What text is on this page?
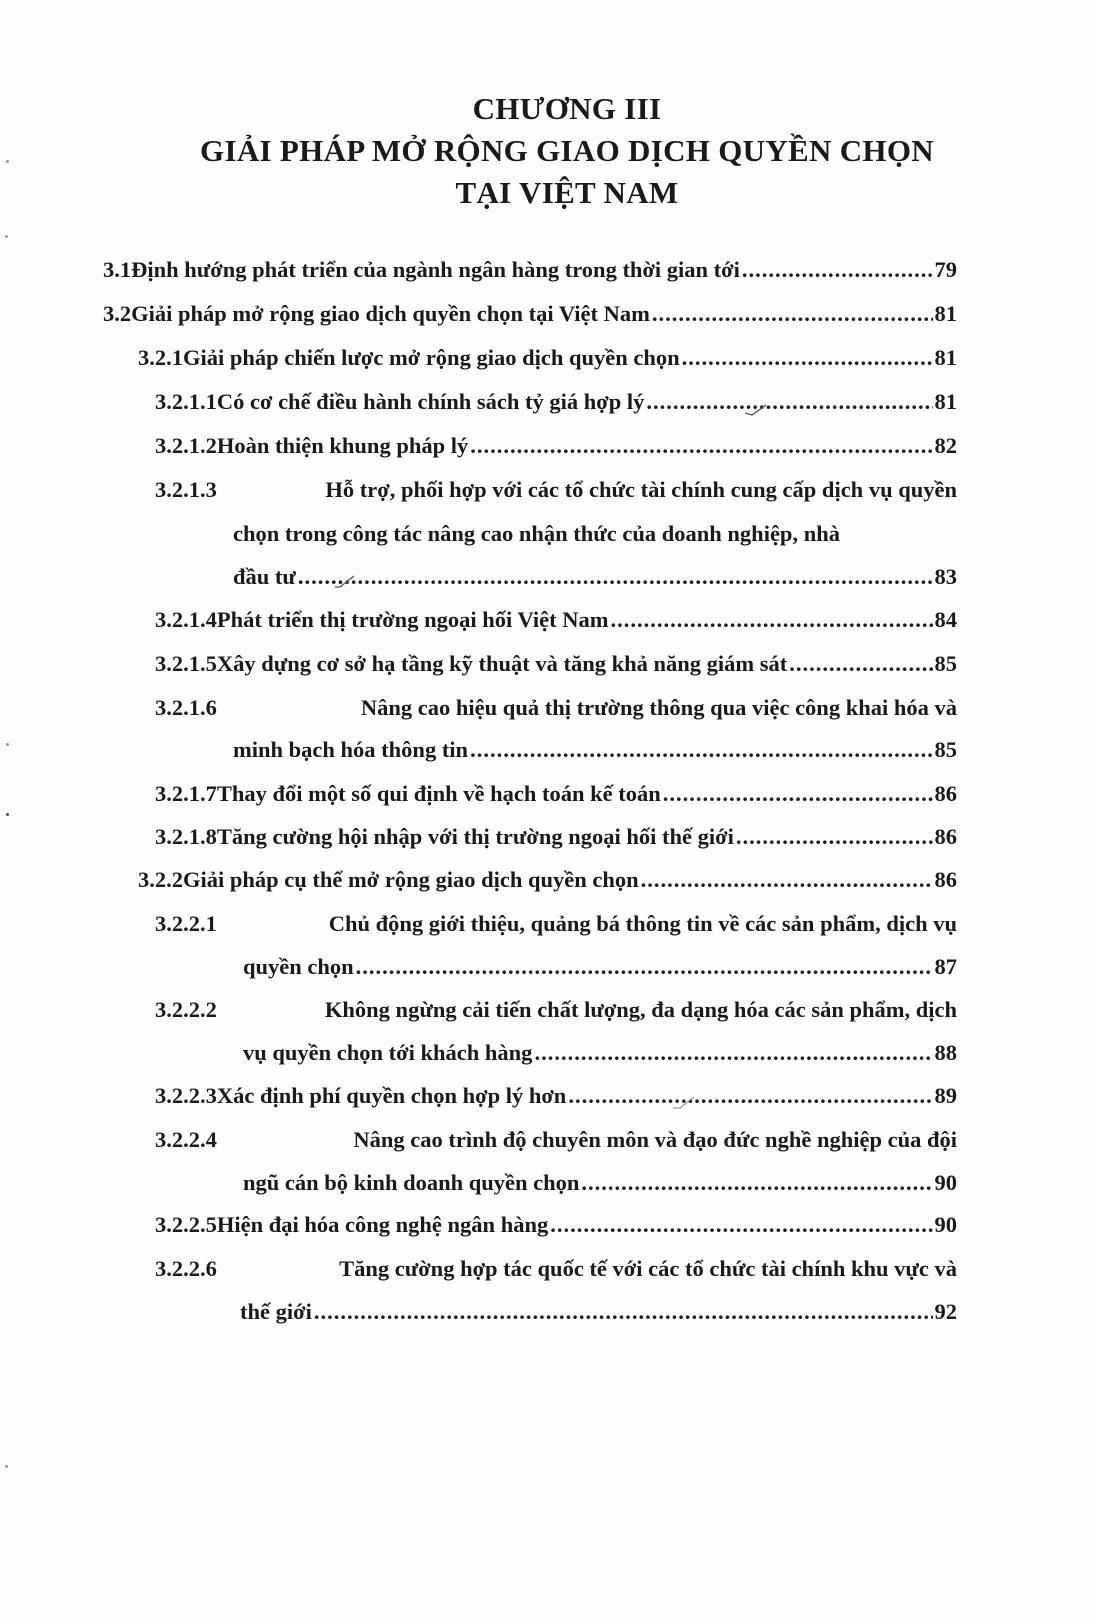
CHƯƠNG III
GIẢI PHÁP MỞ RỘNG GIAO DỊCH QUYỀN CHỌN
TẠI VIỆT NAM
3.1 Định hướng phát triển của ngành ngân hàng trong thời gian tới .....	79
3.2 Giải pháp mở rộng giao dịch quyền chọn tại Việt Nam .....	81
3.2.1 Giải pháp chiến lược mở rộng giao dịch quyền chọn .....	81
3.2.1.1 Có cơ chế điều hành chính sách tỷ giá hợp lý .....	81
3.2.1.2 Hoàn thiện khung pháp lý .....	82
3.2.1.3	Hỗ trợ, phối hợp với các tổ chức tài chính cung cấp dịch vụ quyền
chọn trong công tác nâng cao nhận thức của doanh nghiệp, nhà
đầu tư .....	83
3.2.1.4 Phát triển thị trường ngoại hối Việt Nam .....	84
3.2.1.5 Xây dựng cơ sở hạ tầng kỹ thuật và tăng khả năng giám sát .....	85
3.2.1.6	Nâng cao hiệu quả thị trường thông qua việc công khai hóa và
minh bạch hóa thông tin .....	85
3.2.1.7 Thay đổi một số qui định về hạch toán kế toán .....	86
3.2.1.8 Tăng cường hội nhập với thị trường ngoại hối thế giới .....	86
3.2.2 Giải pháp cụ thể mở rộng giao dịch quyền chọn .....	86
3.2.2.1	Chủ động giới thiệu, quảng bá thông tin về các sản phẩm, dịch vụ
quyền chọn .....	87
3.2.2.2	Không ngừng cải tiến chất lượng, đa dạng hóa các sản phẩm, dịch
vụ quyền chọn tới khách hàng .....	88
3.2.2.3 Xác định phí quyền chọn hợp lý hơn .....	89
3.2.2.4	Nâng cao trình độ chuyên môn và đạo đức nghề nghiệp của đội
ngũ cán bộ kinh doanh quyền chọn .....	90
3.2.2.5 Hiện đại hóa công nghệ ngân hàng .....	90
3.2.2.6	Tăng cường hợp tác quốc tế với các tổ chức tài chính khu vực và
thế giới .....	92
